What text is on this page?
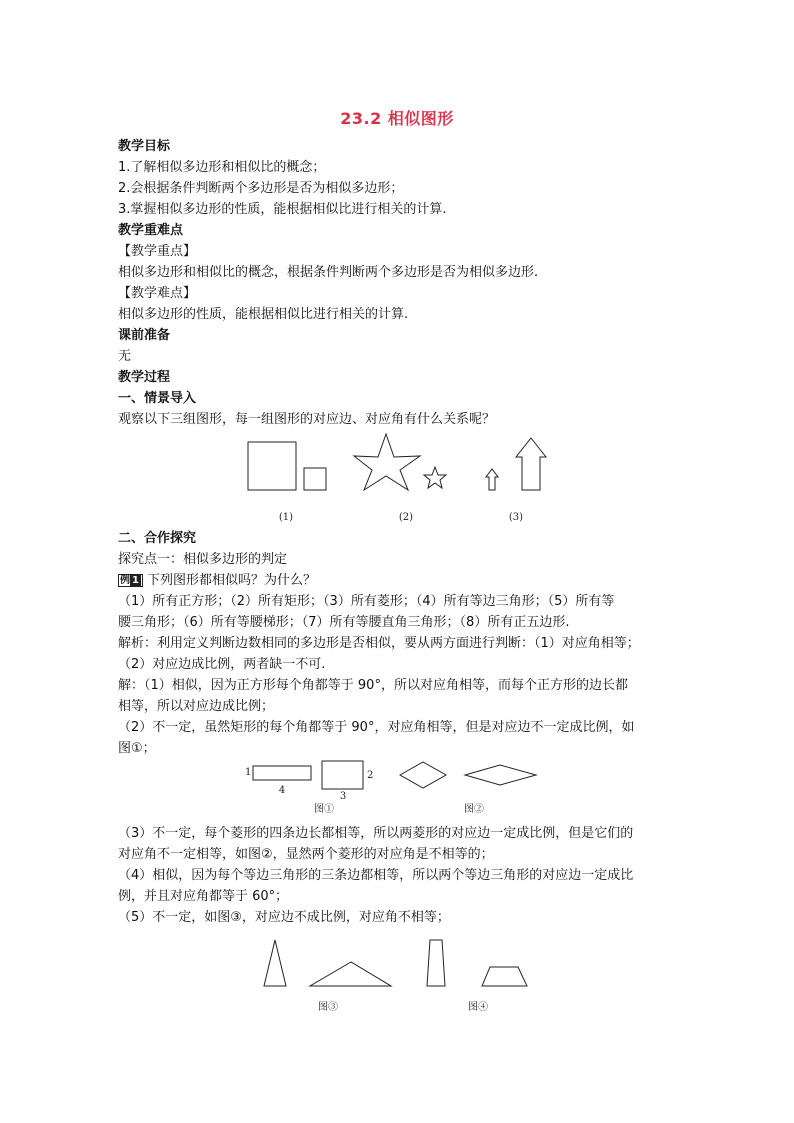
23.2 相似图形
教学目标
1.了解相似多边形和相似比的概念；
2.会根据条件判断两个多边形是否为相似多边形；
3.掌握相似多边形的性质，能根据相似比进行相关的计算.
教学重难点
【教学重点】
相似多边形和相似比的概念，根据条件判断两个多边形是否为相似多边形.
【教学难点】
相似多边形的性质，能根据相似比进行相关的计算.
课前准备
无
教学过程
一、情景导入
观察以下三组图形，每一组图形的对应边、对应角有什么关系呢？
(1)	(2)	(3)
二、合作探究
探究点一：相似多边形的判定
例 1 下列图形都相似吗？为什么？
（1）所有正方形；（2）所有矩形；（3）所有菱形；（4）所有等边三角形；（5）所有等
腰三角形；（6）所有等腰梯形；（7）所有等腰直角三角形；（8）所有正五边形.
解析：利用定义判断边数相同的多边形是否相似，要从两方面进行判断：（1）对应角相等；
（2）对应边成比例，两者缺一不可.
解：（1）相似，因为正方形每个角都等于 90°，所以对应角相等，而每个正方形的边长都
相等，所以对应边成比例；
（2）不一定，虽然矩形的每个角都等于 90°，对应角相等，但是对应边不一定成比例，如
图①；
1
4
2
3
图①	图②
（3）不一定，每个菱形的四条边长都相等，所以两菱形的对应边一定成比例，但是它们的
对应角不一定相等，如图②，显然两个菱形的对应角是不相等的；
（4）相似，因为每个等边三角形的三条边都相等，所以两个等边三角形的对应边一定成比
例，并且对应角都等于 60°；
（5）不一定，如图③，对应边不成比例，对应角不相等；
图③	图④
